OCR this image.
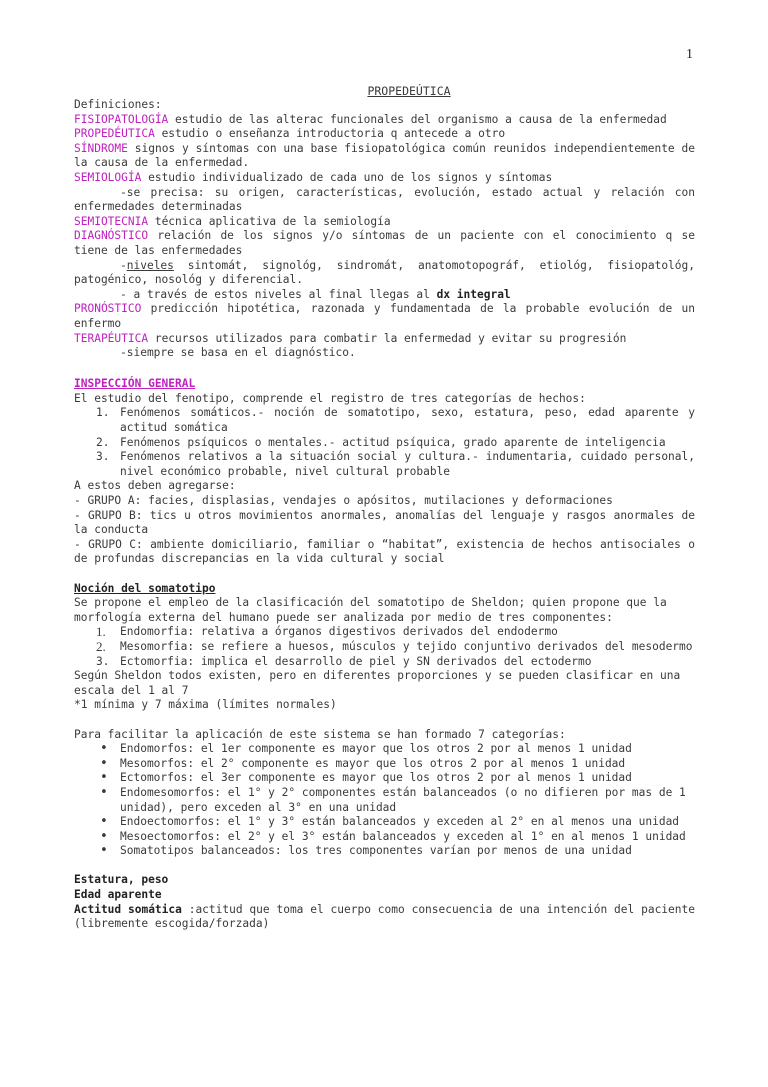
1
PROPEDEÚTICA

Definiciones:

FISIOPATOLOGÍA estudio de las alterac funcionales del organismo a causa de la enfermedad

PROPEDÉUTICA estudio o enseñanza introductoria q antecede a otro

SÍNDROME signos y síntomas con una base fisiopatológica común reunidos independientemente de la causa de la enfermedad.

SEMIOLOGÍA estudio individualizado de cada uno de los signos y síntomas

-se precisa: su origen, características, evolución, estado actual y relación con enfermedades determinadas

SEMIOTECNIA técnica aplicativa de la semiología

DIAGNÓSTICO relación de los signos y/o síntomas de un paciente con el conocimiento q se tiene de las enfermedades

-niveles sintomát, signológ, sindromát, anatomotopográf, etiológ, fisiopatológ, patogénico, nosológ y diferencial.

- a través de estos niveles al final llegas al dx integral

PRONÓSTICO predicción hipotética, razonada y fundamentada de la probable evolución de un enfermo

TERAPÉUTICA recursos utilizados para combatir la enfermedad y evitar su progresión

-siempre se basa en el diagnóstico.

INSPECCIÓN GENERAL

El estudio del fenotipo, comprende el registro de tres categorías de hechos:

1. Fenómenos somáticos.- noción de somatotipo, sexo, estatura, peso, edad aparente y actitud somática
2. Fenómenos psíquicos o mentales.- actitud psíquica, grado aparente de inteligencia
3. Fenómenos relativos a la situación social y cultura.- indumentaria, cuidado personal, nivel económico probable, nivel cultural probable

A estos deben agregarse:

- GRUPO A: facies, displasias, vendajes o apósitos, mutilaciones y deformaciones

- GRUPO B: tics u otros movimientos anormales, anomalías del lenguaje y rasgos anormales de la conducta

- GRUPO C: ambiente domiciliario, familiar o “habitat”, existencia de hechos antisociales o de profundas discrepancias en la vida cultural y social

Noción del somatotipo

Se propone el empleo de la clasificación del somatotipo de Sheldon; quien propone que la morfología externa del humano puede ser analizada por medio de tres componentes:

1. Endomorfia: relativa a órganos digestivos derivados del endodermo
2. Mesomorfia: se refiere a huesos, músculos y tejido conjuntivo derivados del mesodermo
3. Ectomorfia: implica el desarrollo de piel y SN derivados del ectodermo

Según Sheldon todos existen, pero en diferentes proporciones y se pueden clasificar en una escala del 1 al 7

*1 mínima y 7 máxima (límites normales)

Para facilitar la aplicación de este sistema se han formado 7 categorías:

• Endomorfos: el 1er componente es mayor que los otros 2 por al menos 1 unidad
• Mesomorfos: el 2° componente es mayor que los otros 2 por al menos 1 unidad
• Ectomorfos: el 3er componente es mayor que los otros 2 por al menos 1 unidad
• Endomesomorfos: el 1° y 2° componentes están balanceados (o no difieren por mas de 1 unidad), pero exceden al 3° en una unidad
• Endoectomorfos: el 1° y 3° están balanceados y exceden al 2° en al menos una unidad
• Mesoectomorfos: el 2° y el 3° están balanceados y exceden al 1° en al menos 1 unidad
• Somatotipos balanceados: los tres componentes varían por menos de una unidad

Estatura, peso

Edad aparente

Actitud somática :actitud que toma el cuerpo como consecuencia de una intención del paciente (libremente escogida/forzada)
